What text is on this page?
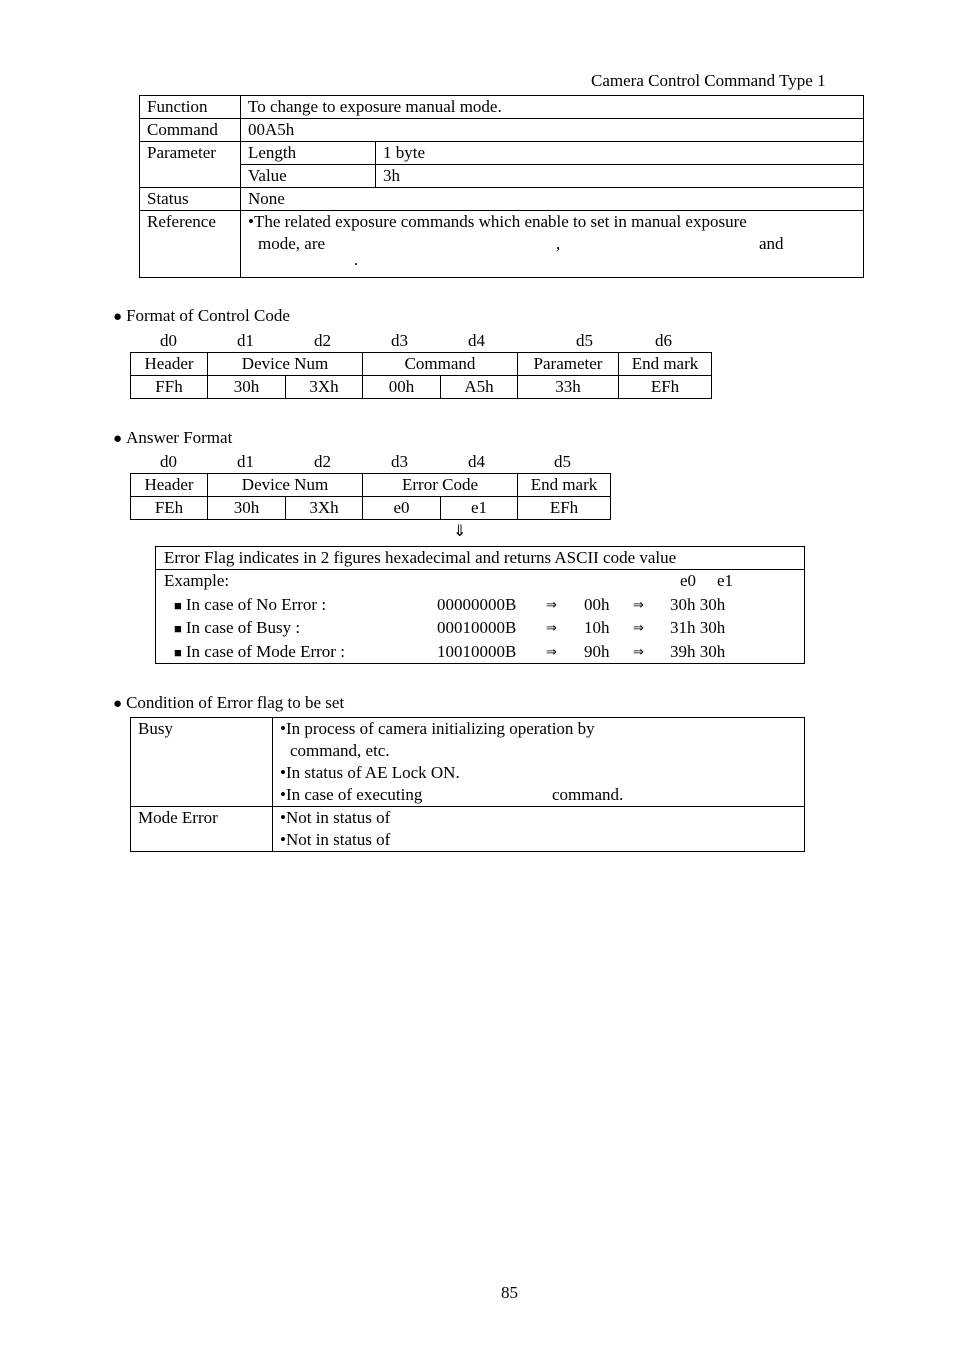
Camera Control Command Type 1
Function	To change to exposure manual mode.	
Command	00A5h	
Parameter	Length	1 byte
	Value	3h
Status	None	
Reference	•The related exposure commands which enable to set in manual exposure
mode, are , and
.	
● Format of Control Code
d0	d1	d2	d3	d4	d5	d6
Header	Device Num		Command		Parameter	End mark
FFh	30h	3Xh	00h	A5h	33h	EFh
● Answer Format
d0	d1	d2	d3	d4	d5
Header	Device Num		Error Code		End mark
FEh	30h	3Xh	e0	e1	EFh
⇓
Error Flag indicates in 2 figures hexadecimal and returns ASCII code value
Example:	e0 e1
■ In case of No Error :	00000000B ⇒ 00h ⇒ 30h 30h
■ In case of Busy :	00010000B ⇒ 10h ⇒ 31h 30h
■ In case of Mode Error :	10010000B ⇒ 90h ⇒ 39h 30h
● Condition of Error flag to be set
Busy	•In process of camera initializing operation by
command, etc.
•In status of AE Lock ON.
•In case of executing command.

Mode Error	•Not in status of
•Not in status of
85
